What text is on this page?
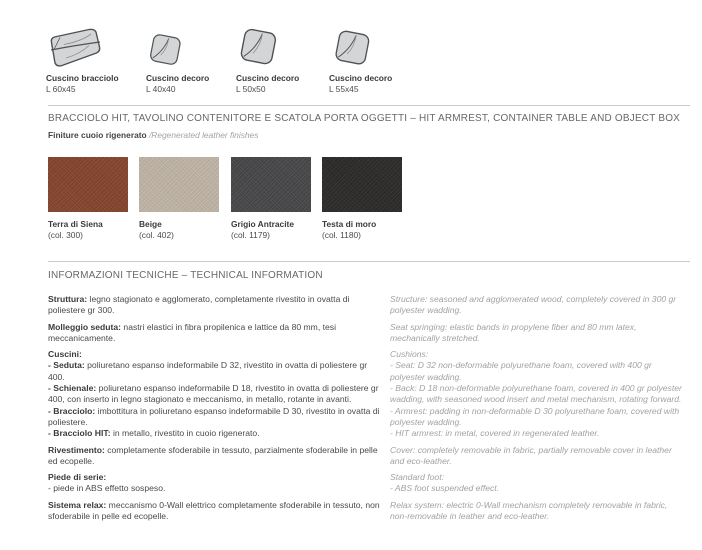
Cuscino bracciolo
L 60x45
Cuscino decoro
L 40x40
Cuscino decoro
L 50x50
Cuscino decoro
L 55x45
BRACCIOLO HIT, TAVOLINO CONTENITORE E SCATOLA PORTA OGGETTI – HIT ARMREST, CONTAINER TABLE AND OBJECT BOX
Finiture cuoio rigenerato /Regenerated leather finishes
Terra di Siena
(col. 300)
Beige
(col. 402)
Grigio Antracite
(col. 1179)
Testa di moro
(col. 1180)
INFORMAZIONI TECNICHE – TECHNICAL INFORMATION

Struttura: legno stagionato e agglomerato, completamente rivestito in ovatta di poliestere gr 300.

Molleggio seduta: nastri elastici in fibra propilenica e lattice da 80 mm, tesi meccanicamente.

Cuscini:
- Seduta: poliuretano espanso indeformabile D 32, rivestito in ovatta di poliestere gr 400.
- Schienale: poliuretano espanso indeformabile D 18, rivestito in ovatta di poliestere gr 400, con inserto in legno stagionato e meccanismo, in metallo, rotante in avanti.
- Bracciolo: imbottitura in poliuretano espanso indeformabile D 30, rivestito in ovatta di poliestere.
- Bracciolo HIT: in metallo, rivestito in cuoio rigenerato.

Rivestimento: completamente sfoderabile in tessuto, parzialmente sfoderabile in pelle ed ecopelle.

Piede di serie:
- piede in ABS effetto sospeso.

Sistema relax: meccanismo 0-Wall elettrico completamente sfoderabile in tessuto, non sfoderabile in pelle ed ecopelle.

Structure: seasoned and agglomerated wood, completely covered in 300 gr polyester wadding.

Seat springing: elastic bands in propylene fiber and 80 mm latex, mechanically stretched.

Cushions:
- Seat: D 32 non-deformable polyurethane foam, covered with 400 gr polyester wadding.
- Back: D 18 non-deformable polyurethane foam, covered in 400 gr polyester wadding, with seasoned wood insert and metal mechanism, rotating forward.
- Armrest: padding in non-deformable D 30 polyurethane foam, covered with polyester wadding.
- HIT armrest: in metal, covered in regenerated leather.

Cover: completely removable in fabric, partially removable cover in leather and eco-leather.

Standard foot:
- ABS foot suspended effect.

Relax system: electric 0-Wall mechanism completely removable in fabric, non-removable in leather and eco-leather.
